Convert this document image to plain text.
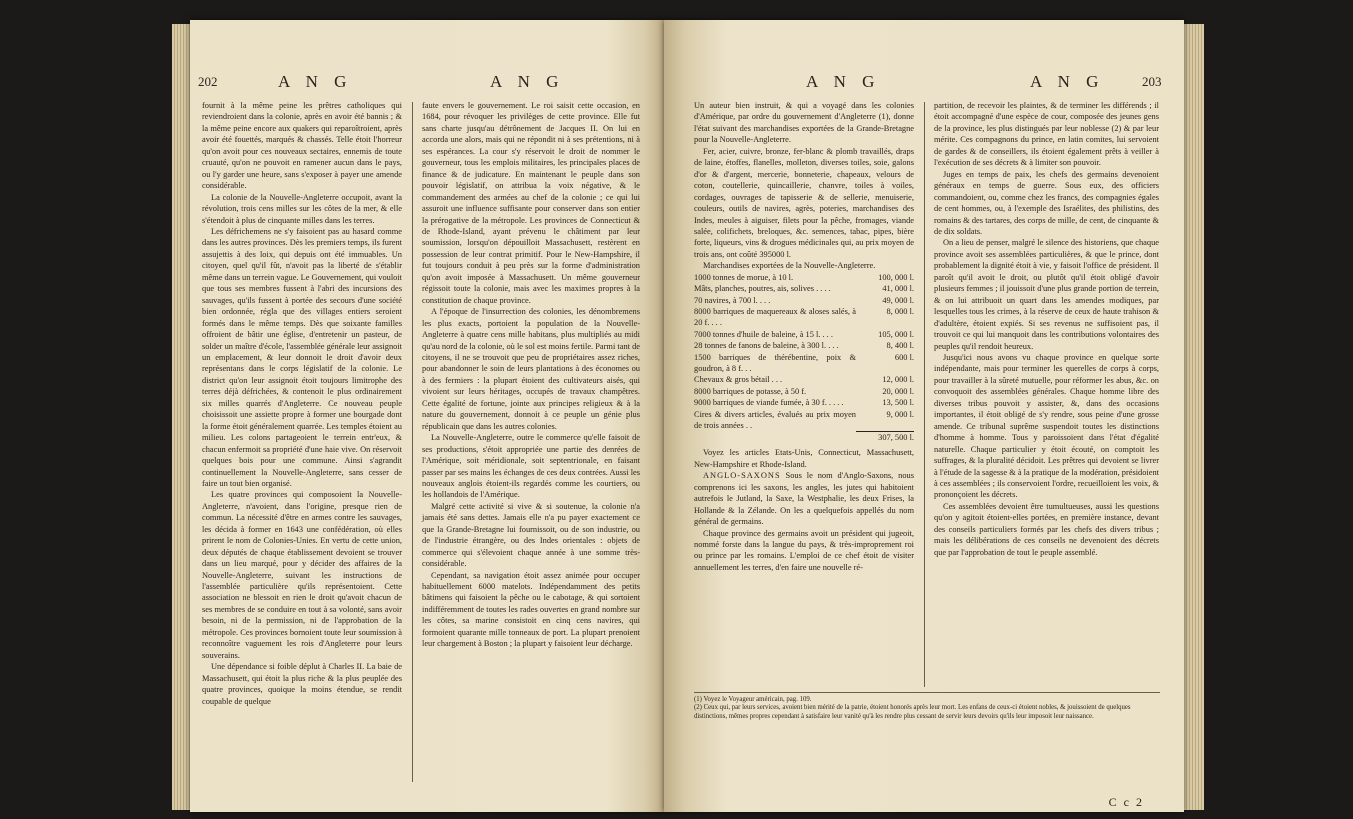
202	A N G	A N G

fournit à la même peine les prêtres catholiques qui reviendroient dans la colonie, après en avoir été bannis ; & la même peine encore aux quakers qui reparoîtroient, après avoir été fouettés, marqués & chassés. Telle étoit l'horreur qu'on avoit pour ces nouveaux sectaires, ennemis de toute cruauté, qu'on ne pouvoit en ramener aucun dans le pays, ou l'y garder une heure, sans s'exposer à payer une amende considérable.

La colonie de la Nouvelle-Angleterre occupoit, avant la révolution, trois cens milles sur les côtes de la mer, & elle s'étendoit à plus de cinquante milles dans les terres.

Les défrichemens ne s'y faisoient pas au hasard comme dans les autres provinces. Dès les premiers temps, ils furent assujettis à des loix, qui depuis ont été immuables. Un citoyen, quel qu'il fût, n'avoit pas la liberté de s'établir même dans un terrein vague. Le Gouvernement, qui vouloit que tous ses membres fussent à l'abri des incursions des sauvages, qu'ils fussent à portée des secours d'une société bien ordonnée, régla que des villages entiers seroient formés dans le même temps. Dès que soixante familles offroient de bâtir une église, d'entretenir un pasteur, de solder un maître d'école, l'assemblée générale leur assignoit un emplacement, & leur donnoit le droit d'avoir deux représentans dans le corps législatif de la colonie. Le district qu'on leur assignoit étoit toujours limitrophe des terres déjà défrichées, & contenoit le plus ordinairement six milles quarrés d'Angleterre. Ce nouveau peuple choisissoit une assiette propre à former une bourgade dont la forme étoit généralement quarrée. Les temples étoient au milieu. Les colons partageoient le terrein entr'eux, & chacun enfermoit sa propriété d'une haie vive. On réservoit quelques bois pour une commune. Ainsi s'agrandit continuellement la Nouvelle-Angleterre, sans cesser de faire un tout bien organisé.

Les quatre provinces qui composoient la Nouvelle-Angleterre, n'avoient, dans l'origine, presque rien de commun. La nécessité d'être en armes contre les sauvages, les décida à former en 1643 une confédération, où elles prirent le nom de Colonies-Unies. En vertu de cette union, deux députés de chaque établissement devoient se trouver dans un lieu marqué, pour y décider des affaires de la Nouvelle-Angleterre, suivant les instructions de l'assemblée particulière qu'ils représentoient. Cette association ne blessoit en rien le droit qu'avoit chacun de ses membres de se conduire en tout à sa volonté, sans avoir besoin, ni de la permission, ni de l'approbation de la métropole. Ces provinces bornoient toute leur soumission à reconnoître vaguement les rois d'Angleterre pour leurs souverains.

Une dépendance si foible déplut à Charles II. La baie de Massachusett, qui étoit la plus riche & la plus peuplée des quatre provinces, quoique la moins étendue, se rendit coupable de quelque

faute envers le gouvernement. Le roi saisit cette occasion, en 1684, pour révoquer les privilèges de cette province. Elle fut sans charte jusqu'au détrônement de Jacques II. On lui en accorda une alors, mais qui ne répondit ni à ses prétentions, ni à ses espérances. La cour s'y réservoit le droit de nommer le gouverneur, tous les emplois militaires, les principales places de finance & de judicature. En maintenant le peuple dans son pouvoir législatif, on attribua la voix négative, & le commandement des armées au chef de la colonie ; ce qui lui assuroit une influence suffisante pour conserver dans son entier la prérogative de la métropole. Les provinces de Connecticut & de Rhode-Island, ayant prévenu le châtiment par leur soumission, lorsqu'on dépouilloit Massachusett, restèrent en possession de leur contrat primitif. Pour le New-Hampshire, il fut toujours conduit à peu près sur la forme d'administration qu'on avoit imposée à Massachusett. Un même gouverneur régissoit toute la colonie, mais avec les maximes propres à la constitution de chaque province.

A l'époque de l'insurrection des colonies, les dénombremens les plus exacts, portoient la population de la Nouvelle-Angleterre à quatre cens mille habitans, plus multipliés au midi qu'au nord de la colonie, où le sol est moins fertile. Parmi tant de citoyens, il ne se trouvoit que peu de propriétaires assez riches, pour abandonner le soin de leurs plantations à des économes ou à des fermiers : la plupart étoient des cultivateurs aisés, qui vivoient sur leurs héritages, occupés de travaux champêtres. Cette égalité de fortune, jointe aux principes religieux & à la nature du gouvernement, donnoit à ce peuple un génie plus républicain que dans les autres colonies.

La Nouvelle-Angleterre, outre le commerce qu'elle faisoit de ses productions, s'étoit appropriée une partie des denrées de l'Amérique, soit méridionale, soit septentrionale, en faisant passer par ses mains les échanges de ces deux contrées. Aussi les nouveaux anglois étoient-ils regardés comme les courtiers, ou les hollandois de l'Amérique.

Malgré cette activité si vive & si soutenue, la colonie n'a jamais été sans dettes. Jamais elle n'a pu payer exactement ce que la Grande-Bretagne lui fournissoit, ou de son industrie, ou de l'industrie étrangère, ou des Indes orientales : objets de commerce qui s'élevoient chaque année à une somme très-considérable.

Cependant, sa navigation étoit assez animée pour occuper habituellement 6000 matelots. Indépendamment des petits bâtimens qui faisoient la pêche ou le cabotage, & qui sortoient indifféremment de toutes les rades ouvertes en grand nombre sur les côtes, sa marine consistoit en cinq cens navires, qui formoient quarante mille tonneaux de port. La plupart prenoient leur chargement à Boston ; la plupart y faisoient leur décharge.

A N G	A N G	203

Un auteur bien instruit, & qui a voyagé dans les colonies d'Amérique, par ordre du gouvernement d'Angleterre (1), donne l'état suivant des marchandises exportées de la Grande-Bretagne pour la Nouvelle-Angleterre.

Fer, acier, cuivre, bronze, fer-blanc & plomb travaillés, draps de laine, étoffes, flanelles, molleton, diverses toiles, soie, galons d'or & d'argent, mercerie, bonneterie, chapeaux, velours de coton, coutellerie, quincaillerie, chanvre, toiles à voiles, cordages, ouvrages de tapisserie & de sellerie, menuiserie, couleurs, outils de navires, agrès, poteries, marchandises des Indes, meules à aiguiser, filets pour la pêche, fromages, viande salée, colifichets, breloques, &c. semences, tabac, pipes, bière forte, liqueurs, vins & drogues médicinales qui, au prix moyen de trois ans, ont coûté 395000 l.

Marchandises exportées de la Nouvelle-Angleterre.

1000 tonnes de morue, à 10 l.	100, 000 l.
Mâts, planches, poutres, ais, solives . . . .	41, 000 l.
70 navires, à 700 l. . . .	49, 000 l.
8000 barriques de maquereaux & aloses salés, à 20 f. . . .	8, 000 l.
7000 tonnes d'huile de baleine, à 15 l. . . .	105, 000 l.
28 tonnes de fanons de baleine, à 300 l. . . .	8, 400 l.
1500 barriques de thérébentine, poix & goudron, à 8 f. . .	600 l.
Chevaux & gros bétail . . .	12, 000 l.
8000 barriques de potasse, à 50 f.	20, 000 l.
9000 barriques de viande fumée, à 30 f. . . . .	13, 500 l.
Cires & divers articles, évalués au prix moyen de trois années . .	9, 000 l.
	307, 500 l.

Voyez les articles Etats-Unis, Connecticut, Massachusett, New-Hampshire et Rhode-Island.

ANGLO-SAXONS Sous le nom d'Anglo-Saxons, nous comprenons ici les saxons, les angles, les jutes qui habitoient autrefois le Jutland, la Saxe, la Westphalie, les deux Frises, la Hollande & la Zélande. On les a quelquefois appellés du nom général de germains.

Chaque province des germains avoit un président qui jugeoit, nommé forste dans la langue du pays, & très-improprement roi ou prince par les romains. L'emploi de ce chef étoit de visiter annuellement les terres, d'en faire une nouvelle ré-

partition, de recevoir les plaintes, & de terminer les différends ; il étoit accompagné d'une espèce de cour, composée des jeunes gens de la province, les plus distingués par leur noblesse (2) & par leur mérite. Ces compagnons du prince, en latin comites, lui servoient de gardes & de conseillers, ils étoient également prêts à veiller à l'exécution de ses décrets & à limiter son pouvoir.

Juges en temps de paix, les chefs des germains devenoient généraux en temps de guerre. Sous eux, des officiers commandoient, ou, comme chez les francs, des compagnies égales de cent hommes, ou, à l'exemple des Israélites, des philistins, des romains & des tartares, des corps de mille, de cent, de cinquante & de dix soldats.

On a lieu de penser, malgré le silence des historiens, que chaque province avoit ses assemblées particulières, & que le prince, dont probablement la dignité étoit à vie, y faisoit l'office de président. Il paroît qu'il avoit le droit, ou plutôt qu'il étoit obligé d'avoir plusieurs femmes ; il jouissoit d'une plus grande portion de terrein, & on lui attribuoit un quart dans les amendes modiques, par lesquelles tous les crimes, à la réserve de ceux de haute trahison & d'adultère, étoient expiés. Si ses revenus ne suffisoient pas, il trouvoit ce qui lui manquoit dans les contributions volontaires des peuples qu'il rendoit heureux.

Jusqu'ici nous avons vu chaque province en quelque sorte indépendante, mais pour terminer les querelles de corps à corps, pour travailler à la sûreté mutuelle, pour réformer les abus, &c. on convoquoit des assemblées générales. Chaque homme libre des diverses tribus pouvoit y assister, &, dans des occasions importantes, il étoit obligé de s'y rendre, sous peine d'une grosse amende. Ce tribunal suprême suspendoit toutes les distinctions d'homme à homme. Tous y paroissoient dans l'état d'égalité naturelle. Chaque particulier y étoit écouté, on comptoit les suffrages, & la pluralité décidoit. Les prêtres qui devoient se livrer à l'étude de la sagesse & à la pratique de la modération, présidoient à ces assemblées ; ils conservoient l'ordre, recueilloient les voix, & prononçoient les décrets.

Ces assemblées devoient être tumultueuses, aussi les questions qu'on y agitoit étoient-elles portées, en première instance, devant des conseils particuliers formés par les chefs des divers tribus ; mais les délibérations de ces conseils ne devenoient des décrets que par l'approbation de tout le peuple assemblé.

(1) Voyez le Voyageur américain, pag. 109.

(2) Ceux qui, par leurs services, avoient bien mérité de la patrie, étoient honorés après leur mort. Les enfans de ceux-ci étoient nobles, & jouissoient de quelques distinctions, mêmes propres cependant à satisfaire leur vanité qu'à les rendre plus cessant de servir leurs devoirs qu'ils leur imposoit leur naissance.

C c 2
